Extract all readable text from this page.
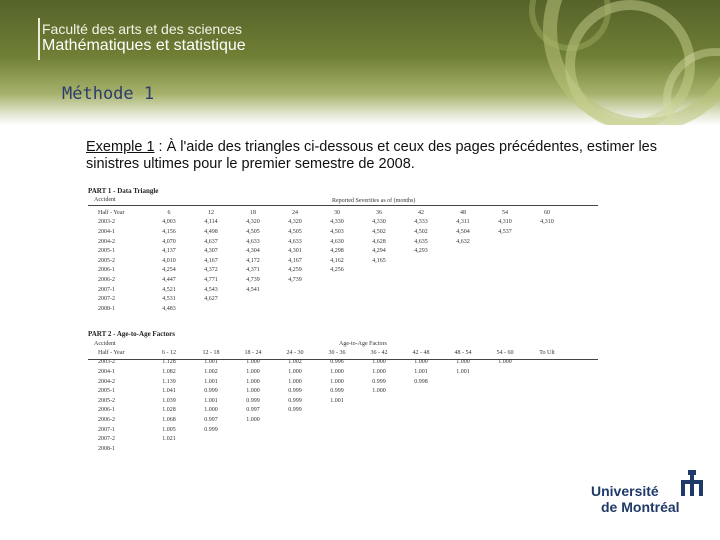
Faculté des arts et des sciences
Mathématiques et statistique
Méthode 1
Exemple 1 : À l'aide des triangles ci-dessous et ceux des pages précédentes, estimer les sinistres ultimes pour le premier semestre de 2008.
PART 1 - Data Triangle
Accident	Reported Severities as of (months)
Half - Year	6	12	18	24	30	36	42	48	54	60
2003-2	4,003	4,114	4,320	4,320	4,330	4,330	4,333	4,311	4,310	4,310
2004-1	4,156	4,498	4,505	4,505	4,503	4,502	4,502	4,504	4,537	
2004-2	4,070	4,637	4,633	4,633	4,630	4,628	4,635	4,632		
2005-1	4,137	4,307	4,304	4,301	4,298	4,294	4,293			
2005-2	4,010	4,167	4,172	4,167	4,162	4,165				
2006-1	4,254	4,372	4,371	4,259	4,256					
2006-2	4,447	4,771	4,739	4,739						
2007-1	4,521	4,543	4,541							
2007-2	4,531	4,627								
2008-1	4,483									
PART 2 - Age-to-Age Factors
Accident	Age-to-Age Factors
Half - Year	6 - 12	12 - 18	18 - 24	24 - 30	30 - 36	36 - 42	42 - 48	48 - 54	54 - 60	To Ult
2003-2	1.128	1.001	1.000	1.002	0.996	1.000	1.000	1.000	1.000	
2004-1	1.082	1.002	1.000	1.000	1.000	1.000	1.001	1.001		
2004-2	1.139	1.001	1.000	1.000	1.000	0.999	0.998			
2005-1	1.041	0.999	1.000	0.999	0.999	1.000				
2005-2	1.039	1.001	0.999	0.999	1.001					
2006-1	1.028	1.000	0.997	0.999						
2006-2	1.068	0.997	1.000							
2007-1	1.005	0.999								
2007-2	1.021									
2008-1										
Université
de Montréal
